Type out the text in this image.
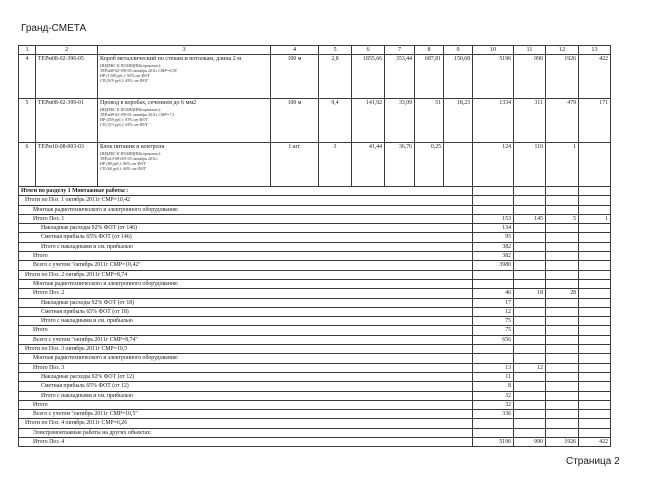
Гранд-СМЕТА
1	2	3	4	5	6	7	8	9	10	11	12	13
4	ТЕРм08-02-396-05	Короб металлический по стенам и потолкам, длина 2 м
ИНДЕКС К ПОЗИЦИИ(справочно):
ТЕРм08-02-396-05 октябрь 2011г СМР=8,38
НР (1348 руб.): 92% от ФОТ
СП (919 руб.): 65% от ФОТ	100 м	2,8	1855,66	353,44	687,81	150,68	5196	990	1926	422
5	ТЕРм08-02-399-01	Провод в коробах, сечением до 6 мм2
ИНДЕКС К ПОЗИЦИИ(справочно):
ТЕРм08-02-399-01 октябрь 2011г СМР=7,1
НР (459 руб.): 93% от ФОТ
СП (313 руб.): 65% от ФОТ	100 м	9,4	141,92	33,09	51	18,23	1334	311	479	171
6	ТЕРм10-08-003-03	Блок питания и контроля
ИНДЕКС К ПОЗИЦИИ(справочно):
ТЕРм10-08-003-03 октябрь 2011г
НР (88 руб.): 80% от ФОТ
СП (60 руб.): 60% от ФОТ	1 шт.	3	41,44	36,76	0,25		124	110	1	
Итоги по разделу 1 Монтажные работы :												
Итоги по Поз. 1 октябрь 2011г СМР=10,42												
Монтаж радиотехнического и электронного оборудования:												
Итого Поз. 1									153	145	5	1
Накладные расходы 92% ФОТ (от 146)									134			
Сметная прибыль 65% ФОТ (от 146)									95			
Итого с накладными и см. прибылью									382			
Итого									382			
Всего с учетом "октябрь 2011г СМР=10,42"									3980			
Итоги по Поз. 2 октябрь 2011г СМР=8,74												
Монтаж радиотехнического и электронного оборудования:												
Итого Поз. 2									46	18	28	
Накладные расходы 92% ФОТ (от 18)									17			
Сметная прибыль 65% ФОТ (от 18)									12			
Итого с накладными и см. прибылью									75			
Итого									75			
Всего с учетом "октябрь 2011г СМР=8,74"									656			
Итоги по Поз. 3 октябрь 2011г СМР=10,5												
Монтаж радиотехнического и электронного оборудования:												
Итого Поз. 3									13	12		
Накладные расходы 92% ФОТ (от 12)									11			
Сметная прибыль 65% ФОТ (от 12)									8			
Итого с накладными и см. прибылью									32			
Итого									32			
Всего с учетом "октябрь 2011г СМР=10,5"									336			
Итоги по Поз. 4 октябрь 2011г СМР=6,26												
Электромонтажные работы на других объектах:												
Итого Поз. 4									5196	990	1926	422
Страница 2
